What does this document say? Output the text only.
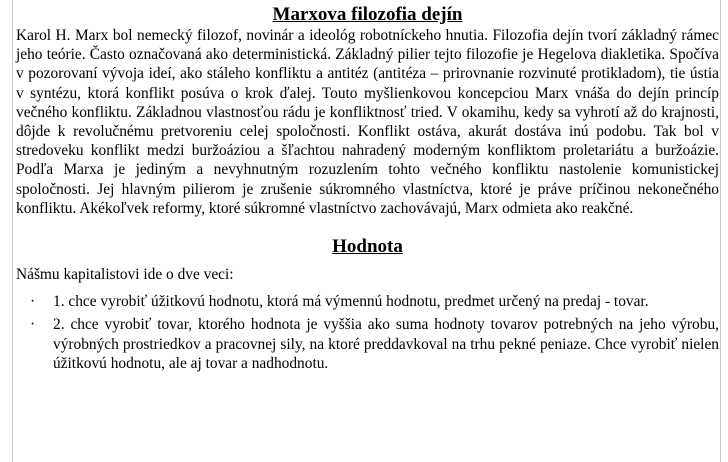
Marxova filozofia dejín

Karol H. Marx bol nemecký filozof, novinár a ideológ robotníckeho hnutia. Filozofia dejín tvorí základný rámec jeho teórie. Často označovaná ako deterministická. Základný pilier tejto filozofie je Hegelova diakletika. Spočíva v pozorovaní vývoja ideí, ako stáleho konfliktu a antitéz (antitéza – prirovnanie rozvinuté protikladom), tie ústia v syntézu, ktorá konflikt posúva o krok ďalej. Touto myšlienkovou koncepciou Marx vnáša do dejín princíp večného konfliktu. Základnou vlastnosťou rádu je konfliktnosť tried. V okamihu, kedy sa vyhrotí až do krajnosti, dôjde k revolučnému pretvoreniu celej spoločnosti. Konflikt ostáva, akurát dostáva inú podobu. Tak bol v stredoveku konflikt medzi buržoáziou a šľachtou nahradený moderným konfliktom proletariátu a buržoázie. Podľa Marxa je jediným a nevyhnutným rozuzlením tohto večného konfliktu nastolenie komunistickej spoločnosti. Jej hlavným pilierom je zrušenie súkromného vlastníctva, ktoré je práve príčinou nekonečného konfliktu. Akékoľvek reformy, ktoré súkromné vlastníctvo zachovávajú, Marx odmieta ako reakčné.

Hodnota

Nášmu kapitalistovi ide o dve veci:

· 1. chce vyrobiť úžitkovú hodnotu, ktorá má výmennú hodnotu, predmet určený na predaj - tovar.
· 2. chce vyrobiť tovar, ktorého hodnota je vyššia ako suma hodnoty tovarov potrebných na jeho výrobu, výrobných prostriedkov a pracovnej sily, na ktoré preddavkoval na trhu pekné peniaze. Chce vyrobiť nielen úžitkovú hodnotu, ale aj tovar a nadhodnotu.
